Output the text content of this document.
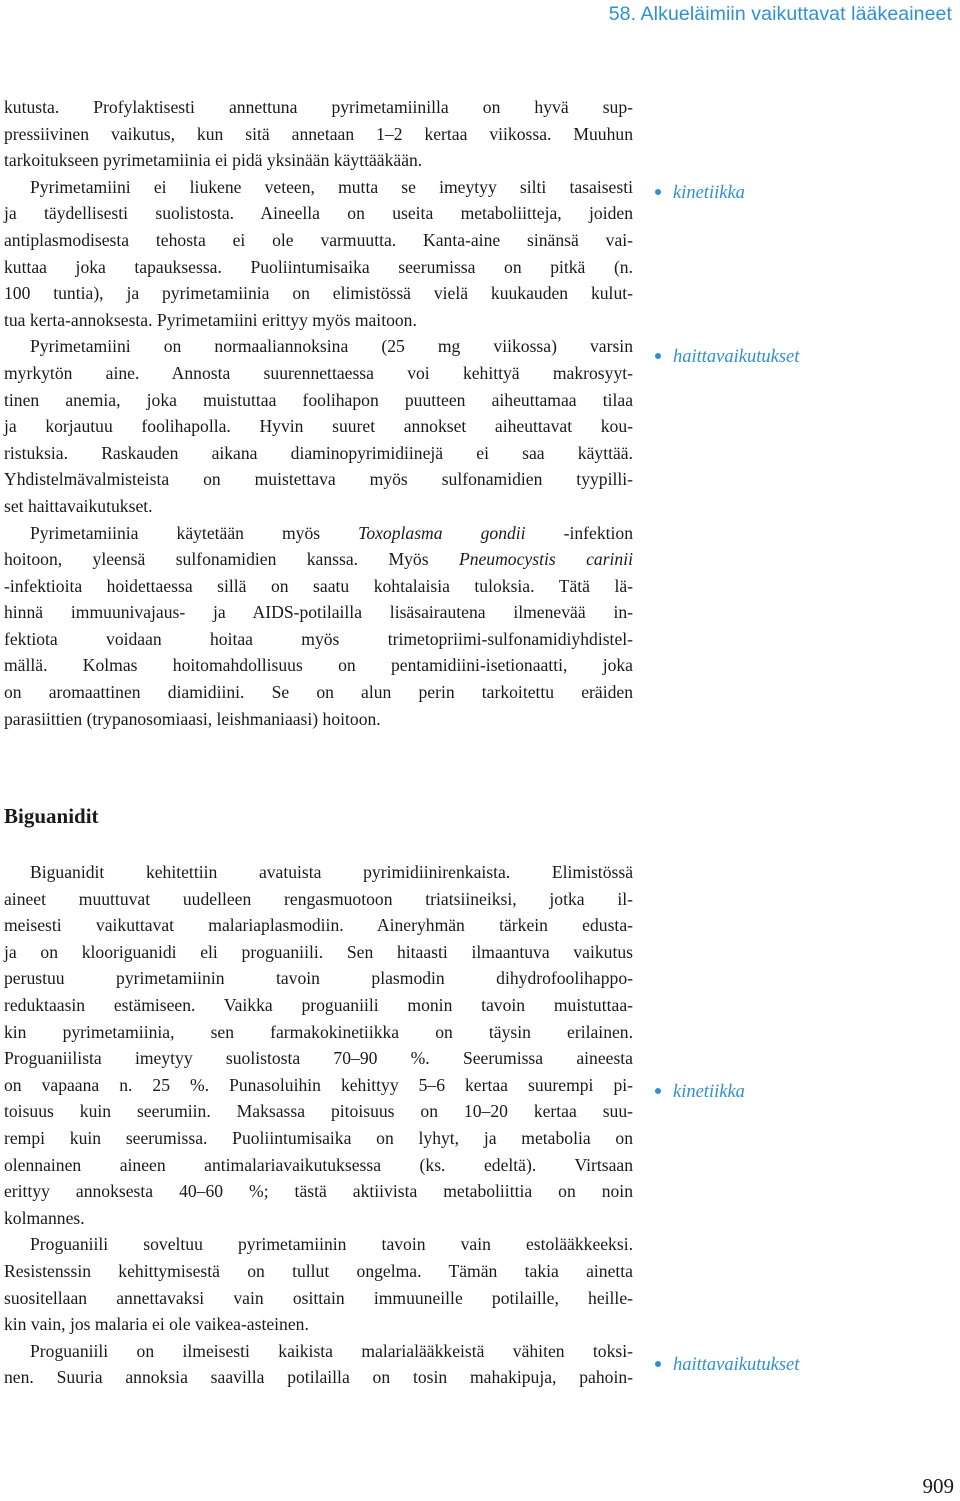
58. Alkueläimiin vaikuttavat lääkeaineet
kutusta. Profylaktisesti annettuna pyrimetamiinilla on hyvä sup-
pressiivinen vaikutus, kun sitä annetaan 1–2 kertaa viikossa. Muuhun
tarkoitukseen pyrimetamiinia ei pidä yksinään käyttääkään.
Pyrimetamiini ei liukene veteen, mutta se imeytyy silti tasaisesti
ja täydellisesti suolistosta. Aineella on useita metaboliitteja, joiden
antiplasmodisesta tehosta ei ole varmuutta. Kanta-aine sinänsä vai-
kuttaa joka tapauksessa. Puoliintumisaika seerumissa on pitkä (n.
100 tuntia), ja pyrimetamiinia on elimistössä vielä kuukauden kulut-
tua kerta-annoksesta. Pyrimetamiini erittyy myös maitoon.
Pyrimetamiini on normaaliannoksina (25 mg viikossa) varsin
myrkytön aine. Annosta suurennettaessa voi kehittyä makrosyyt-
tinen anemia, joka muistuttaa foolihapon puutteen aiheuttamaa tilaa
ja korjautuu foolihapolla. Hyvin suuret annokset aiheuttavat kou-
ristuksia. Raskauden aikana diaminopyrimidiinejä ei saa käyttää.
Yhdistelmävalmisteista on muistettava myös sulfonamidien tyypilli-
set haittavaikutukset.
Pyrimetamiinia käytetään myös Toxoplasma gondii -infektion
hoitoon, yleensä sulfonamidien kanssa. Myös Pneumocystis carinii
-infektioita hoidettaessa sillä on saatu kohtalaisia tuloksia. Tätä lä-
hinnä immuunivajaus- ja AIDS-potilailla lisäsairautena ilmenevää in-
fektiota voidaan hoitaa myös trimetopriimi-sulfonamidiyhdistel-
mällä. Kolmas hoitomahdollisuus on pentamidiini-isetionaatti, joka
on aromaattinen diamidiini. Se on alun perin tarkoitettu eräiden
parasiittien (trypanosomiaasi, leishmaniaasi) hoitoon.
Biguanidit
Biguanidit kehitettiin avatuista pyrimidiinirenkaista. Elimistössä
aineet muuttuvat uudelleen rengasmuotoon triatsiineiksi, jotka il-
meisesti vaikuttavat malariaplasmodiin. Aineryhmän tärkein edusta-
ja on klooriguanidi eli proguaniili. Sen hitaasti ilmaantuva vaikutus
perustuu pyrimetamiinin tavoin plasmodin dihydrofoolihappo-
reduktaasin estämiseen. Vaikka proguaniili monin tavoin muistuttaa-
kin pyrimetamiinia, sen farmakokinetiikka on täysin erilainen.
Proguaniilista imeytyy suolistosta 70–90 %. Seerumissa aineesta
on vapaana n. 25 %. Punasoluihin kehittyy 5–6 kertaa suurempi pi-
toisuus kuin seerumiin. Maksassa pitoisuus on 10–20 kertaa suu-
rempi kuin seerumissa. Puoliintumisaika on lyhyt, ja metabolia on
olennainen aineen antimalariavaikutuksessa (ks. edeltä). Virtsaan
erittyy annoksesta 40–60 %; tästä aktiivista metaboliittia on noin
kolmannes.
Proguaniili soveltuu pyrimetamiinin tavoin vain estolääkkeeksi.
Resistenssin kehittymisestä on tullut ongelma. Tämän takia ainetta
suositellaan annettavaksi vain osittain immuuneille potilaille, heille-
kin vain, jos malaria ei ole vaikea-asteinen.
Proguaniili on ilmeisesti kaikista malarialääkkeistä vähiten toksi-
nen. Suuria annoksia saavilla potilailla on tosin mahakipuja, pahoin-
kinetiikka
haittavaikutukset
kinetiikka
haittavaikutukset
909
